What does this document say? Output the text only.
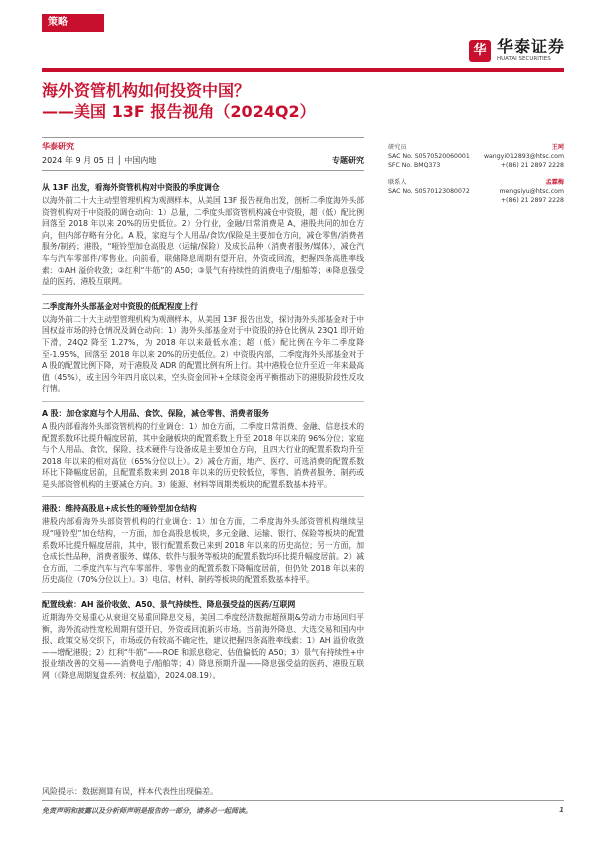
策略
华 华泰证券
HUATAI SECURITIES
海外资管机构如何投资中国？
——美国 13F 报告视角（2024Q2）
华泰研究
2024 年 9 月 05 日 │ 中国内地	专题研究
研究员	王珂
SAC No. S0570520060001 wangyi012893@htsc.com
SFC No. BMQ373	+(86) 21 2897 2228
联系人	孟霖梅
SAC No. S0570123080072	mengsiyu@htsc.com
+(86) 21 2897 2228
从 13F 出发，看海外资管机构对中资股的季度调仓

以海外前二十大主动型管理机构为观测样本，从美国 13F 报告视角出发，剖析二季度海外头部资管机构对于中资股的调仓动向：1）总量，二季度头部资管机构减仓中资股，超（低）配比例回落至 2018 年以来 20%的历史低位。2）分行业，金融/日常消费是 A、港股共同的加仓方向，但内部存略有分化。A 股，家庭与个人用品/食饮/保险是主要加仓方向，减仓零售/消费者服务/制药；港股，“哑铃型加仓高股息（运输/保险）及成长品种（消费者服务/媒体），减仓汽车与汽车零部件/零售业。向前看，联储降息周期有望开启，外资或回流，把握四条高胜率线索：①AH 溢价收敛；②红利“牛筋”的 A50；③景气有持续性的消费电子/船舶等；④降息强受益的医药、港股互联网。

二季度海外头部基金对中资股的低配程度上行

以海外前二十大主动型管理机构为观测样本，从美国 13F 报告出发，探讨海外头部基金对于中国权益市场的持仓情况及调仓动向：1）海外头部基金对于中资股的持仓比例从 23Q1 即开始下滑，24Q2 降至 1.27%，为 2018 年以来最低水准；超（低）配比例在今年二季度降至-1.95%，回落至 2018 年以来 20%的历史低位。2）中资股内部，二季度海外头部基金对于 A 股的配置比例下降，对于港股及 ADR 的配置比例有所上行。其中港股仓位升至近一年来最高值（45%），或主因今年四月底以来，空头资金回补+全球资金再平衡推动下的港股阶段性反攻行情。

A 股：加仓家庭与个人用品、食饮、保险，减仓零售、消费者服务

A 股内部看海外头部资管机构的行业调仓：1）加仓方面，二季度日常消费、金融、信息技术的配置系数环比提升幅度居前，其中金融板块的配置系数上升至 2018 年以来的 96%分位；家庭与个人用品、食饮、保险、技术硬件与设备成是主要加仓方向，且四大行业的配置系数均升至 2018 年以来的相对高位（65%分位以上）。2）减仓方面，地产、医疗、可选消费的配置系数环比下降幅度居前，且配置系数来到 2018 年以来的历史较低位，零售、消费者服务、制药或是头部资管机构的主要减仓方向。3）能源、材料等周期类板块的配置系数基本持平。

港股：维持高股息+成长性的哑铃型加仓结构

港股内部看海外头部资管机构的行业调仓：1）加仓方面，二季度海外头部资管机构继续呈现“哑铃型”加仓结构，一方面，加仓高股息板块，多元金融、运输、银行、保险等板块的配置系数环比提升幅度居前，其中，银行配置系数已来到 2018 年以来的历史高位；另一方面，加仓成长性品种，消费者服务、媒体、软件与服务等板块的配置系数均环比提升幅度居前。2）减仓方面，二季度汽车与汽车零部件、零售业的配置系数下降幅度居前，但仍处 2018 年以来的历史高位（70%分位以上）。3）电信、材料、制药等板块的配置系数基本持平。

配置线索：AH 溢价收敛、A50、景气持续性、降息强受益的医药/互联网

近期海外交易重心从衰退交易重回降息交易，美国二季度经济数据超预期&劳动力市场回归平衡，海外流动性宽松周期有望开启，外资或回流新兴市场。当前海外降息、大选交易和国内中报、政策交易交织下，市场或仍有较高不确定性，建议把握四条高胜率线索：1）AH 溢价收敛——增配港股；2）红利“牛筋”——ROE 和派息稳定、估值偏低的 A50；3）景气有持续性+中报业绩改善的交易——消费电子/船舶等；4）降息预期升温——降息强受益的医药、港股互联网（《降息周期复盘系列：权益篇》，2024.08.19）。

风险提示：数据测算有误，样本代表性出现偏差。
免责声明和披露以及分析师声明是报告的一部分，请务必一起阅读。	1
